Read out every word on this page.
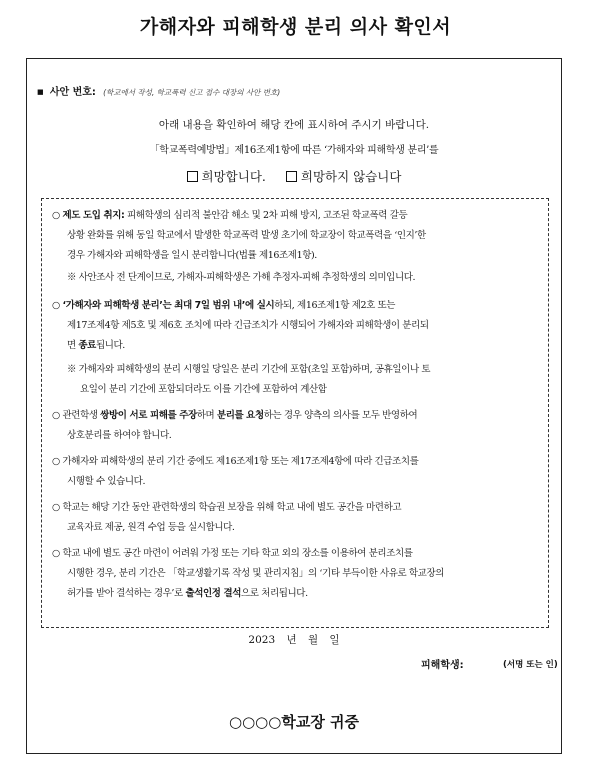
가해자와 피해학생 분리 의사 확인서
■ 사안 번호: (학교에서 작성, 학교폭력 신고 접수 대장의 사안 번호)
아래 내용을 확인하여 해당 칸에 표시하여 주시기 바랍니다.
「학교폭력예방법」제16조제1항에 따른 ‘가해자와 피해학생 분리’를
희망합니다.	희망하지 않습니다
○ 제도 도입 취지: 피해학생의 심리적 불안감 해소 및 2차 피해 방지, 고조된 학교폭력 갈등
상황 완화를 위해 동일 학교에서 발생한 학교폭력 발생 초기에 학교장이 학교폭력을 ‘인지’한
경우 가해자와 피해학생을 일시 분리합니다(법률 제16조제1항).
※ 사안조사 전 단계이므로, 가해자-피해학생은 가해 추정자-피해 추정학생의 의미입니다.
○ ‘가해자와 피해학생 분리’는 최대 7일 범위 내’에 실시하되, 제16조제1항 제2호 또는
제17조제4항 제5호 및 제6호 조치에 따라 긴급조치가 시행되어 가해자와 피해학생이 분리되
면 종료됩니다.
※ 가해자와 피해학생의 분리 시행일 당일은 분리 기간에 포함(초일 포함)하며, 공휴일이나 토
요일이 분리 기간에 포함되더라도 이를 기간에 포함하여 계산함
○ 관련학생 쌍방이 서로 피해를 주장하며 분리를 요청하는 경우 양측의 의사를 모두 반영하여
상호분리를 하여야 합니다.
○ 가해자와 피해학생의 분리 기간 중에도 제16조제1항 또는 제17조제4항에 따라 긴급조치를
시행할 수 있습니다.
○ 학교는 해당 기간 동안 관련학생의 학습권 보장을 위해 학교 내에 별도 공간을 마련하고
교육자료 제공, 원격 수업 등을 실시합니다.
○ 학교 내에 별도 공간 마련이 어려워 가정 또는 기타 학교 외의 장소를 이용하여 분리조치를
시행한 경우, 분리 기간은 「학교생활기록 작성 및 관리지침」의 ‘기타 부득이한 사유로 학교장의
허가를 받아 결석하는 경우’로 출석인정 결석으로 처리됩니다.
2023 년 월 일
피해학생:	(서명 또는 인)
○○○○학교장 귀중
